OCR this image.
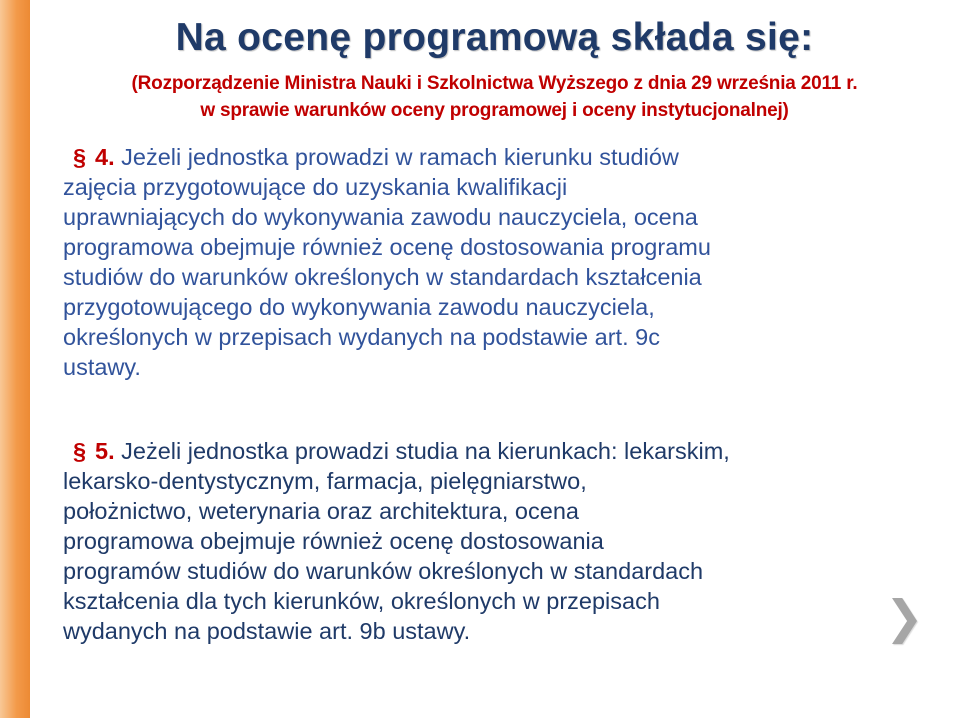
Na ocenę programową składa się:
(Rozporządzenie Ministra Nauki i Szkolnictwa Wyższego z dnia 29 września 2011 r.
w sprawie warunków oceny programowej i oceny instytucjonalnej)
§ 4. Jeżeli jednostka prowadzi w ramach kierunku studiów
zajęcia przygotowujące do uzyskania kwalifikacji
uprawniających do wykonywania zawodu nauczyciela, ocena
programowa obejmuje również ocenę dostosowania programu
studiów do warunków określonych w standardach kształcenia
przygotowującego do wykonywania zawodu nauczyciela,
określonych w przepisach wydanych na podstawie art. 9c
ustawy.
§ 5. Jeżeli jednostka prowadzi studia na kierunkach: lekarskim,
lekarsko-dentystycznym, farmacja, pielęgniarstwo,
położnictwo, weterynaria oraz architektura, ocena
programowa obejmuje również ocenę dostosowania
programów studiów do warunków określonych w standardach
kształcenia dla tych kierunków, określonych w przepisach
wydanych na podstawie art. 9b ustawy.	❯
